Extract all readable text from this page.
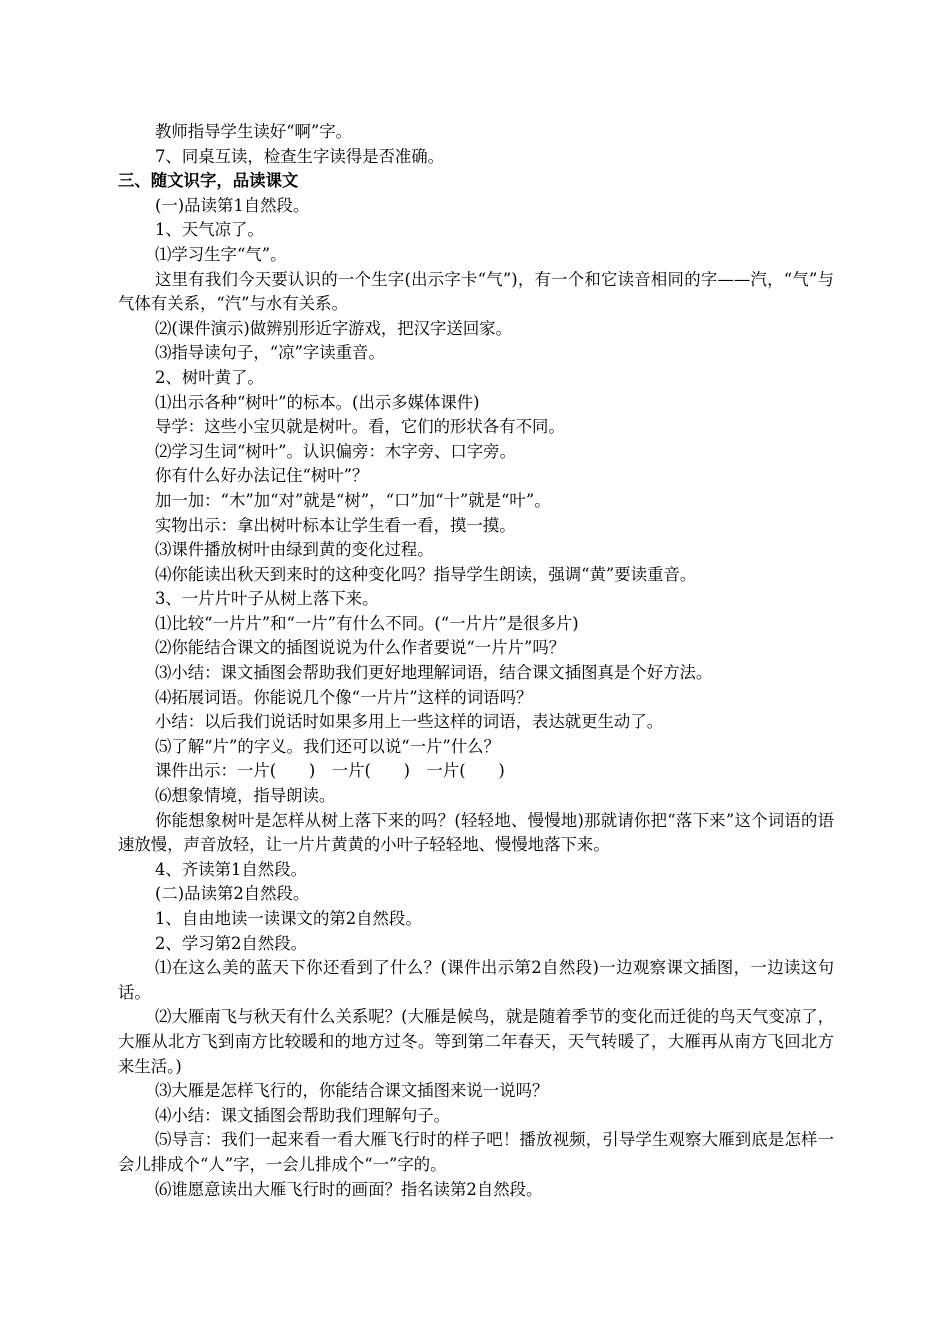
教师指导学生读好“啊”字。
7、同桌互读，检查生字读得是否准确。
三、随文识字，品读课文
(一)品读第1自然段。
1、天气凉了。
⑴学习生字“气”。
这里有我们今天要认识的一个生字(出示字卡“气”)，有一个和它读音相同的字——汽，“气”与气体有关系，“汽”与水有关系。
⑵(课件演示)做辨别形近字游戏，把汉字送回家。
⑶指导读句子，“凉”字读重音。
2、树叶黄了。
⑴出示各种“树叶”的标本。(出示多媒体课件)
导学：这些小宝贝就是树叶。看，它们的形状各有不同。
⑵学习生词“树叶”。认识偏旁：木字旁、口字旁。
你有什么好办法记住“树叶”？
加一加：“木”加“对”就是“树”，“口”加“十”就是“叶”。
实物出示：拿出树叶标本让学生看一看，摸一摸。
⑶课件播放树叶由绿到黄的变化过程。
⑷你能读出秋天到来时的这种变化吗？指导学生朗读，强调“黄”要读重音。
3、一片片叶子从树上落下来。
⑴比较“一片片”和“一片”有什么不同。(“一片片”是很多片)
⑵你能结合课文的插图说说为什么作者要说“一片片”吗？
⑶小结：课文插图会帮助我们更好地理解词语，结合课文插图真是个好方法。
⑷拓展词语。你能说几个像“一片片”这样的词语吗？
小结：以后我们说话时如果多用上一些这样的词语，表达就更生动了。
⑸了解“片”的字义。我们还可以说“一片”什么？
课件出示：一片(　　)　一片(　　)　一片(　　)
⑹想象情境，指导朗读。
你能想象树叶是怎样从树上落下来的吗？(轻轻地、慢慢地)那就请你把“落下来”这个词语的语速放慢，声音放轻，让一片片黄黄的小叶子轻轻地、慢慢地落下来。
4、齐读第1自然段。
(二)品读第2自然段。
1、自由地读一读课文的第2自然段。
2、学习第2自然段。
⑴在这么美的蓝天下你还看到了什么？(课件出示第2自然段)一边观察课文插图，一边读这句话。
⑵大雁南飞与秋天有什么关系呢？(大雁是候鸟，就是随着季节的变化而迁徙的鸟天气变凉了，大雁从北方飞到南方比较暖和的地方过冬。等到第二年春天，天气转暖了，大雁再从南方飞回北方来生活。)
⑶大雁是怎样飞行的，你能结合课文插图来说一说吗？
⑷小结：课文插图会帮助我们理解句子。
⑸导言：我们一起来看一看大雁飞行时的样子吧！播放视频，引导学生观察大雁到底是怎样一会儿排成个“人”字，一会儿排成个“一”字的。
⑹谁愿意读出大雁飞行时的画面？指名读第2自然段。
